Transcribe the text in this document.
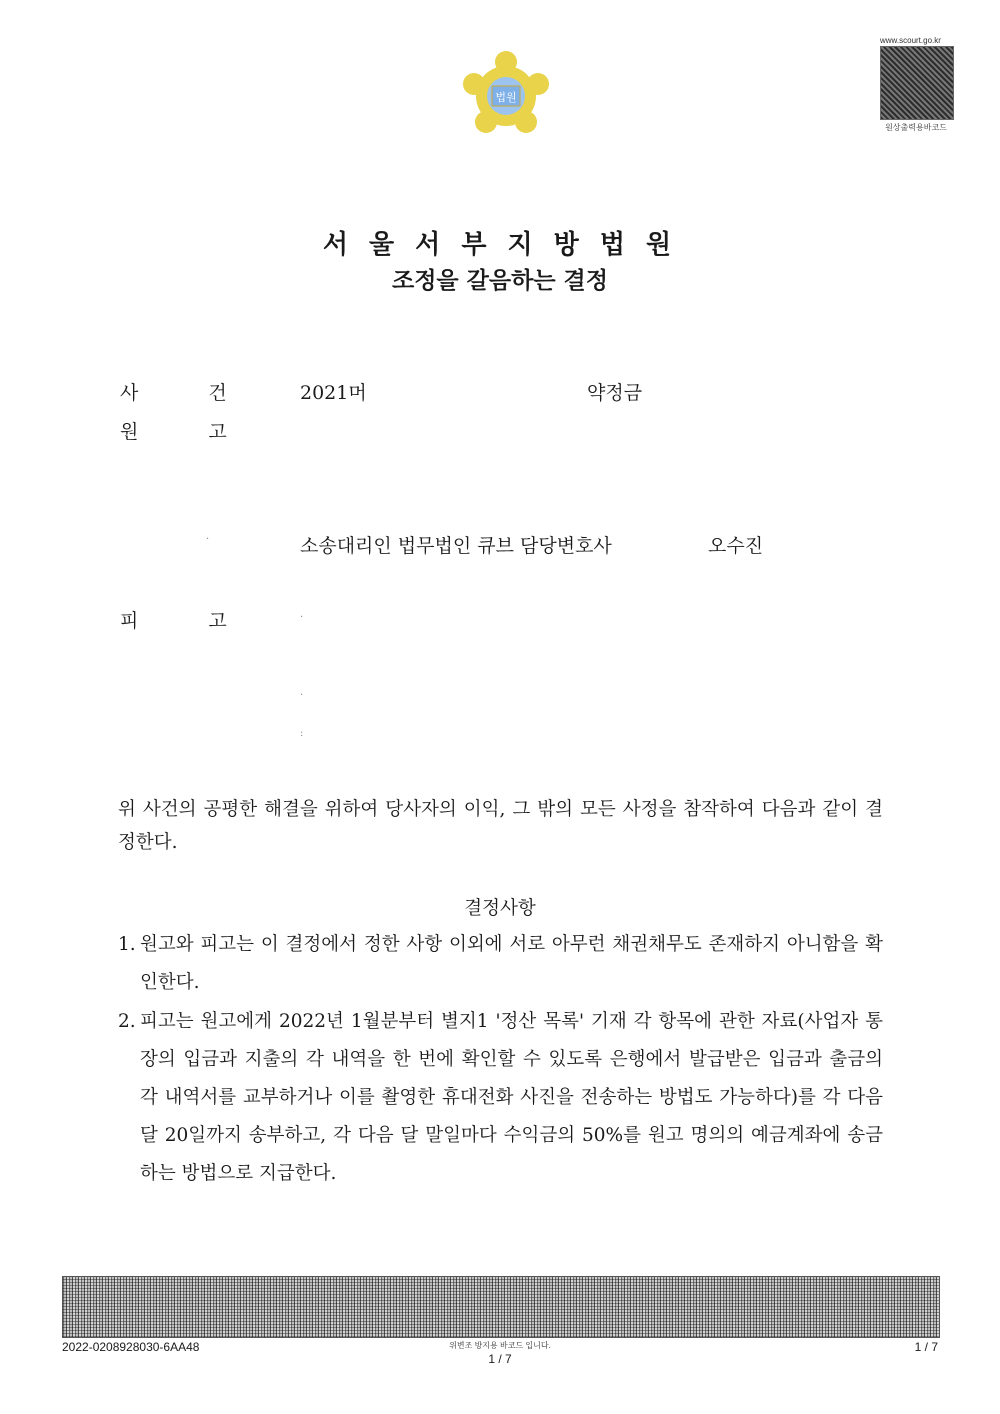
법원
www.scourt.go.kr
원상출력용바코드
서 울 서 부 지 방 법 원
조정을 갈음하는 결정
사	건	2021머	약정금
원	고
·	소송대리인 법무법인 큐브 담당변호사	오수진
피	고	·
·
:
위 사건의 공평한 해결을 위하여 당사자의 이익, 그 밖의 모든 사정을 참작하여 다음과 같이 결정한다.
결정사항
1. 원고와 피고는 이 결정에서 정한 사항 이외에 서로 아무런 채권채무도 존재하지 아니함을 확인한다.
2. 피고는 원고에게 2022년 1월분부터 별지1 '정산 목록' 기재 각 항목에 관한 자료(사업자 통장의 입금과 지출의 각 내역을 한 번에 확인할 수 있도록 은행에서 발급받은 입금과 출금의 각 내역서를 교부하거나 이를 촬영한 휴대전화 사진을 전송하는 방법도 가능하다)를 각 다음 달 20일까지 송부하고, 각 다음 달 말일마다 수익금의 50%를 원고 명의의 예금계좌에 송금하는 방법으로 지급한다.
2022-0208928030-6AA48	위변조 방지용 바코드 입니다.
1 / 7
1 / 7
